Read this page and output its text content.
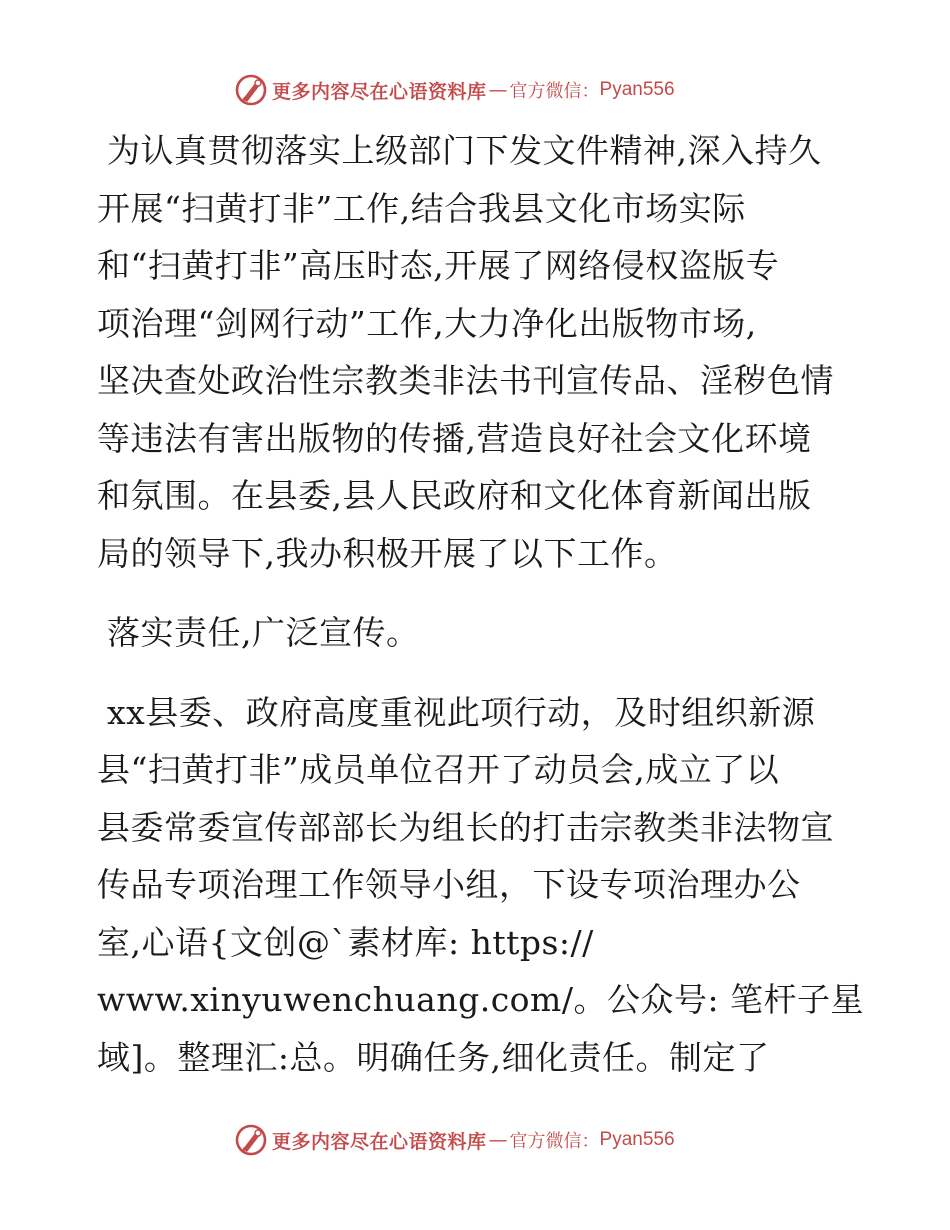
更多内容尽在心语资料库 — 官方微信： Pyan556
为认真贯彻落实上级部门下发文件精神,深入持久
开展“扫黄打非”工作,结合我县文化市场实际
和“扫黄打非”高压时态,开展了网络侵权盗版专
项治理“剑网行动”工作,大力净化出版物市场,
坚决查处政治性宗教类非法书刊宣传品、淫秽色情
等违法有害出版物的传播,营造良好社会文化环境
和氛围。在县委,县人民政府和文化体育新闻出版
局的领导下,我办积极开展了以下工作。
落实责任,广泛宣传。
xx县委、政府高度重视此项行动，及时组织新源
县“扫黄打非”成员单位召开了动员会,成立了以
县委常委宣传部部长为组长的打击宗教类非法物宣
传品专项治理工作领导小组，下设专项治理办公
室,心语{文创@`素材库: https://
www.xinyuwenchuang.com/。公众号: 笔杆子星
域]。整理汇:总。明确任务,细化责任。制定了
更多内容尽在心语资料库 — 官方微信： Pyan556
